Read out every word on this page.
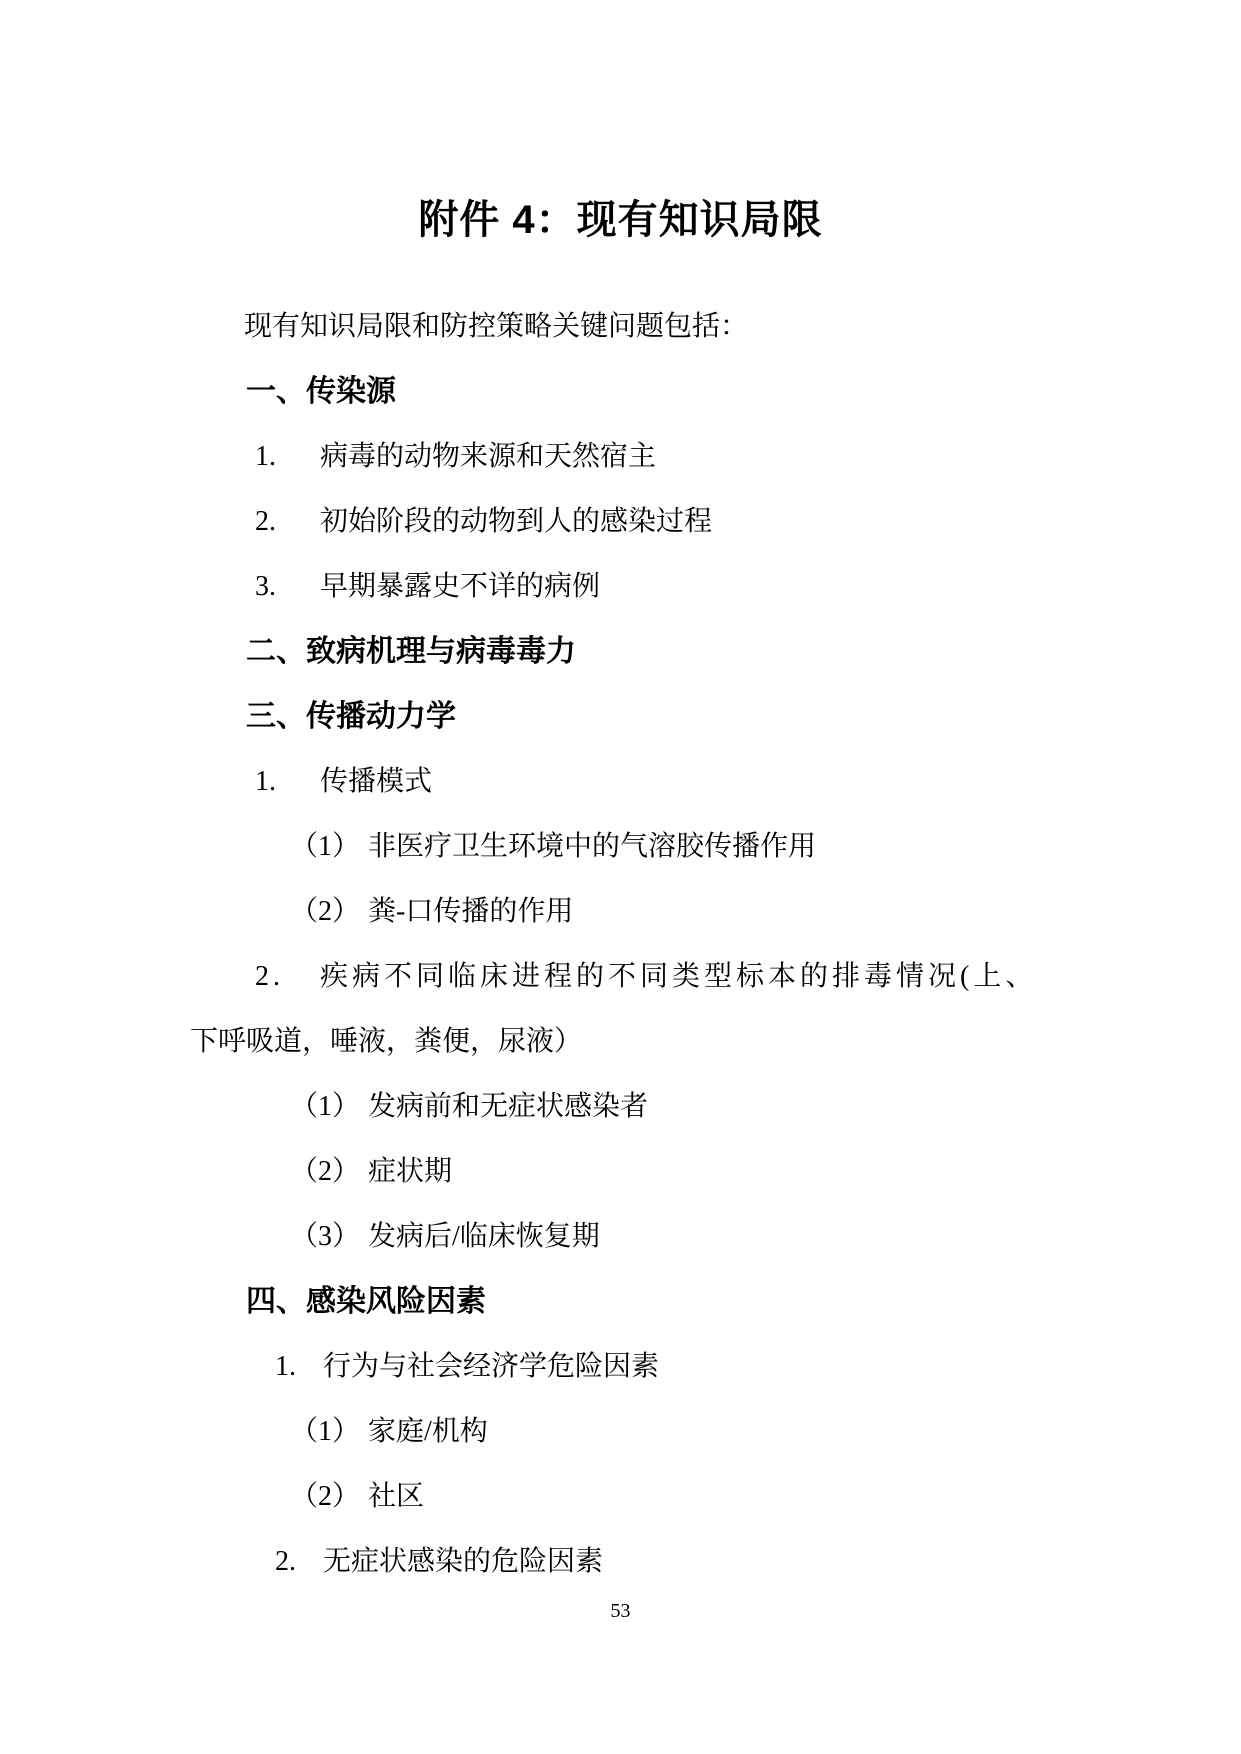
附件 4：现有知识局限
现有知识局限和防控策略关键问题包括：
一、传染源
1. 病毒的动物来源和天然宿主
2. 初始阶段的动物到人的感染过程
3. 早期暴露史不详的病例
二、致病机理与病毒毒力
三、传播动力学
1. 传播模式
（1） 非医疗卫生环境中的气溶胶传播作用
（2） 粪-口传播的作用
2. 疾病不同临床进程的不同类型标本的排毒情况(上、
下呼吸道，唾液，粪便，尿液）
（1） 发病前和无症状感染者
（2） 症状期
（3） 发病后/临床恢复期
四、感染风险因素
1. 行为与社会经济学危险因素
（1） 家庭/机构
（2） 社区
2. 无症状感染的危险因素
53
